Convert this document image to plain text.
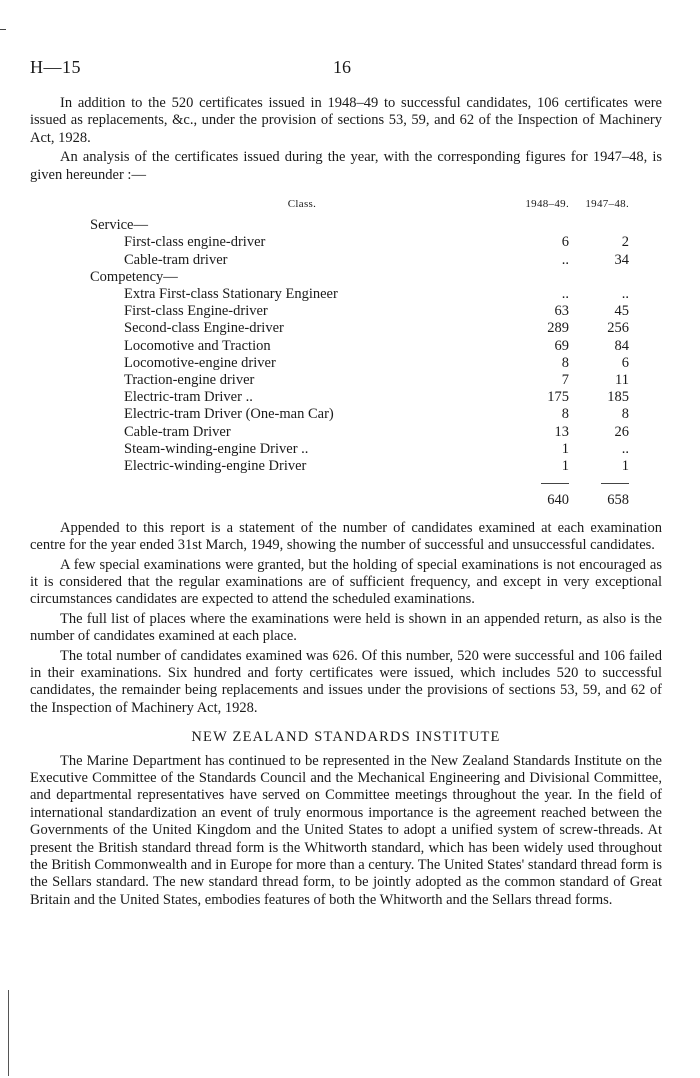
H—15	16

In addition to the 520 certificates issued in 1948–49 to successful candidates, 106 certificates were issued as replacements, &c., under the provision of sections 53, 59, and 62 of the Inspection of Machinery Act, 1928.

An analysis of the certificates issued during the year, with the corresponding figures for 1947–48, is given hereunder :—

Class.	1948–49.	1947–48.
Service—		
First-class engine-driver	6	2
Cable-tram driver	..	34
Competency—		
Extra First-class Stationary Engineer	..	..
First-class Engine-driver	63	45
Second-class Engine-driver	289	256
Locomotive and Traction	69	84
Locomotive-engine driver	8	6
Traction-engine driver	7	11
Electric-tram Driver ..	175	185
Electric-tram Driver (One-man Car)	8	8
Cable-tram Driver	13	26
Steam-winding-engine Driver ..	1	..
Electric-winding-engine Driver	1	1

	640	658

Appended to this report is a statement of the number of candidates examined at each examination centre for the year ended 31st March, 1949, showing the number of successful and unsuccessful candidates.

A few special examinations were granted, but the holding of special examinations is not encouraged as it is considered that the regular examinations are of sufficient frequency, and except in very exceptional circumstances candidates are expected to attend the scheduled examinations.

The full list of places where the examinations were held is shown in an appended return, as also is the number of candidates examined at each place.

The total number of candidates examined was 626. Of this number, 520 were successful and 106 failed in their examinations. Six hundred and forty certificates were issued, which includes 520 to successful candidates, the remainder being replacements and issues under the provisions of sections 53, 59, and 62 of the Inspection of Machinery Act, 1928.

NEW ZEALAND STANDARDS INSTITUTE

The Marine Department has continued to be represented in the New Zealand Standards Institute on the Executive Committee of the Standards Council and the Mechanical Engineering and Divisional Committee, and departmental representatives have served on Committee meetings throughout the year. In the field of international standardization an event of truly enormous importance is the agreement reached between the Governments of the United Kingdom and the United States to adopt a unified system of screw-threads. At present the British standard thread form is the Whitworth standard, which has been widely used throughout the British Commonwealth and in Europe for more than a century. The United States' standard thread form is the Sellars standard. The new standard thread form, to be jointly adopted as the common standard of Great Britain and the United States, embodies features of both the Whitworth and the Sellars thread forms.
